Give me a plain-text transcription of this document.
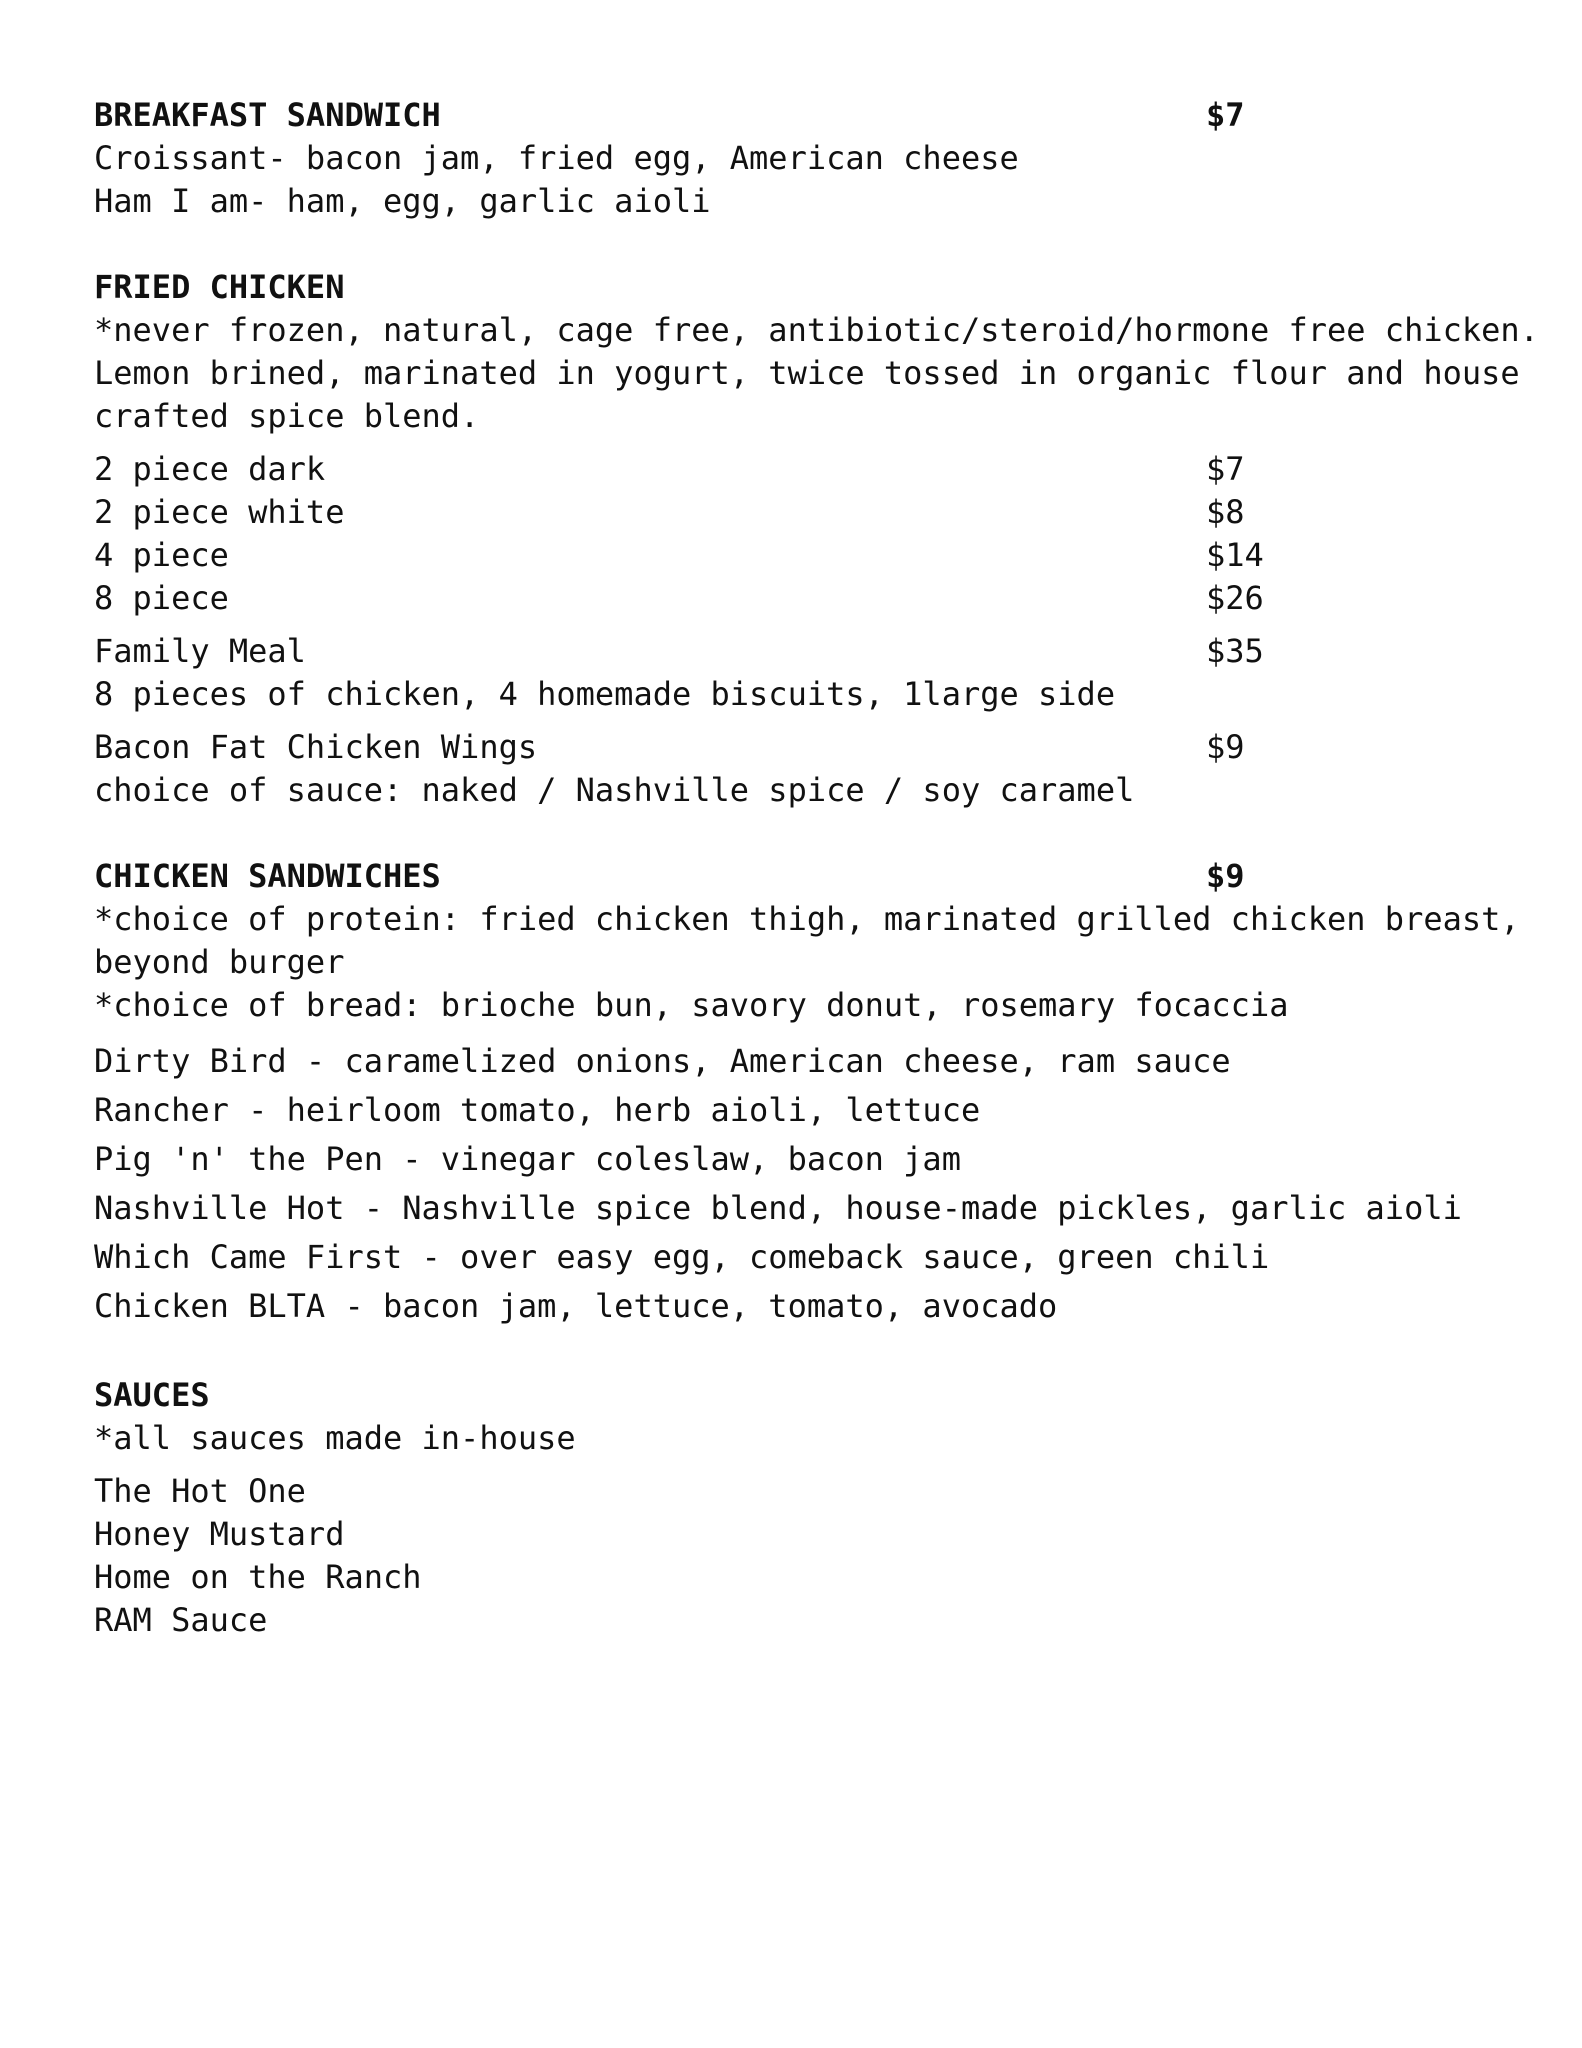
BREAKFAST SANDWICH	$7

Croissant- bacon jam, fried egg, American cheese

Ham I am- ham, egg, garlic aioli

FRIED CHICKEN

*never frozen, natural, cage free, antibiotic/steroid/hormone free chicken.

Lemon brined, marinated in yogurt, twice tossed in organic flour and house

crafted spice blend.

2 piece dark	$7

2 piece white	$8

4 piece	$14

8 piece	$26

Family Meal	$35

8 pieces of chicken, 4 homemade biscuits, 1large side

Bacon Fat Chicken Wings	$9

choice of sauce: naked / Nashville spice / soy caramel

CHICKEN SANDWICHES	$9

*choice of protein: fried chicken thigh, marinated grilled chicken breast,

beyond burger

*choice of bread: brioche bun, savory donut, rosemary focaccia

Dirty Bird - caramelized onions, American cheese, ram sauce

Rancher - heirloom tomato, herb aioli, lettuce

Pig 'n' the Pen - vinegar coleslaw, bacon jam

Nashville Hot - Nashville spice blend, house-made pickles, garlic aioli

Which Came First - over easy egg, comeback sauce, green chili

Chicken BLTA - bacon jam, lettuce, tomato, avocado

SAUCES

*all sauces made in-house

The Hot One

Honey Mustard

Home on the Ranch

RAM Sauce
